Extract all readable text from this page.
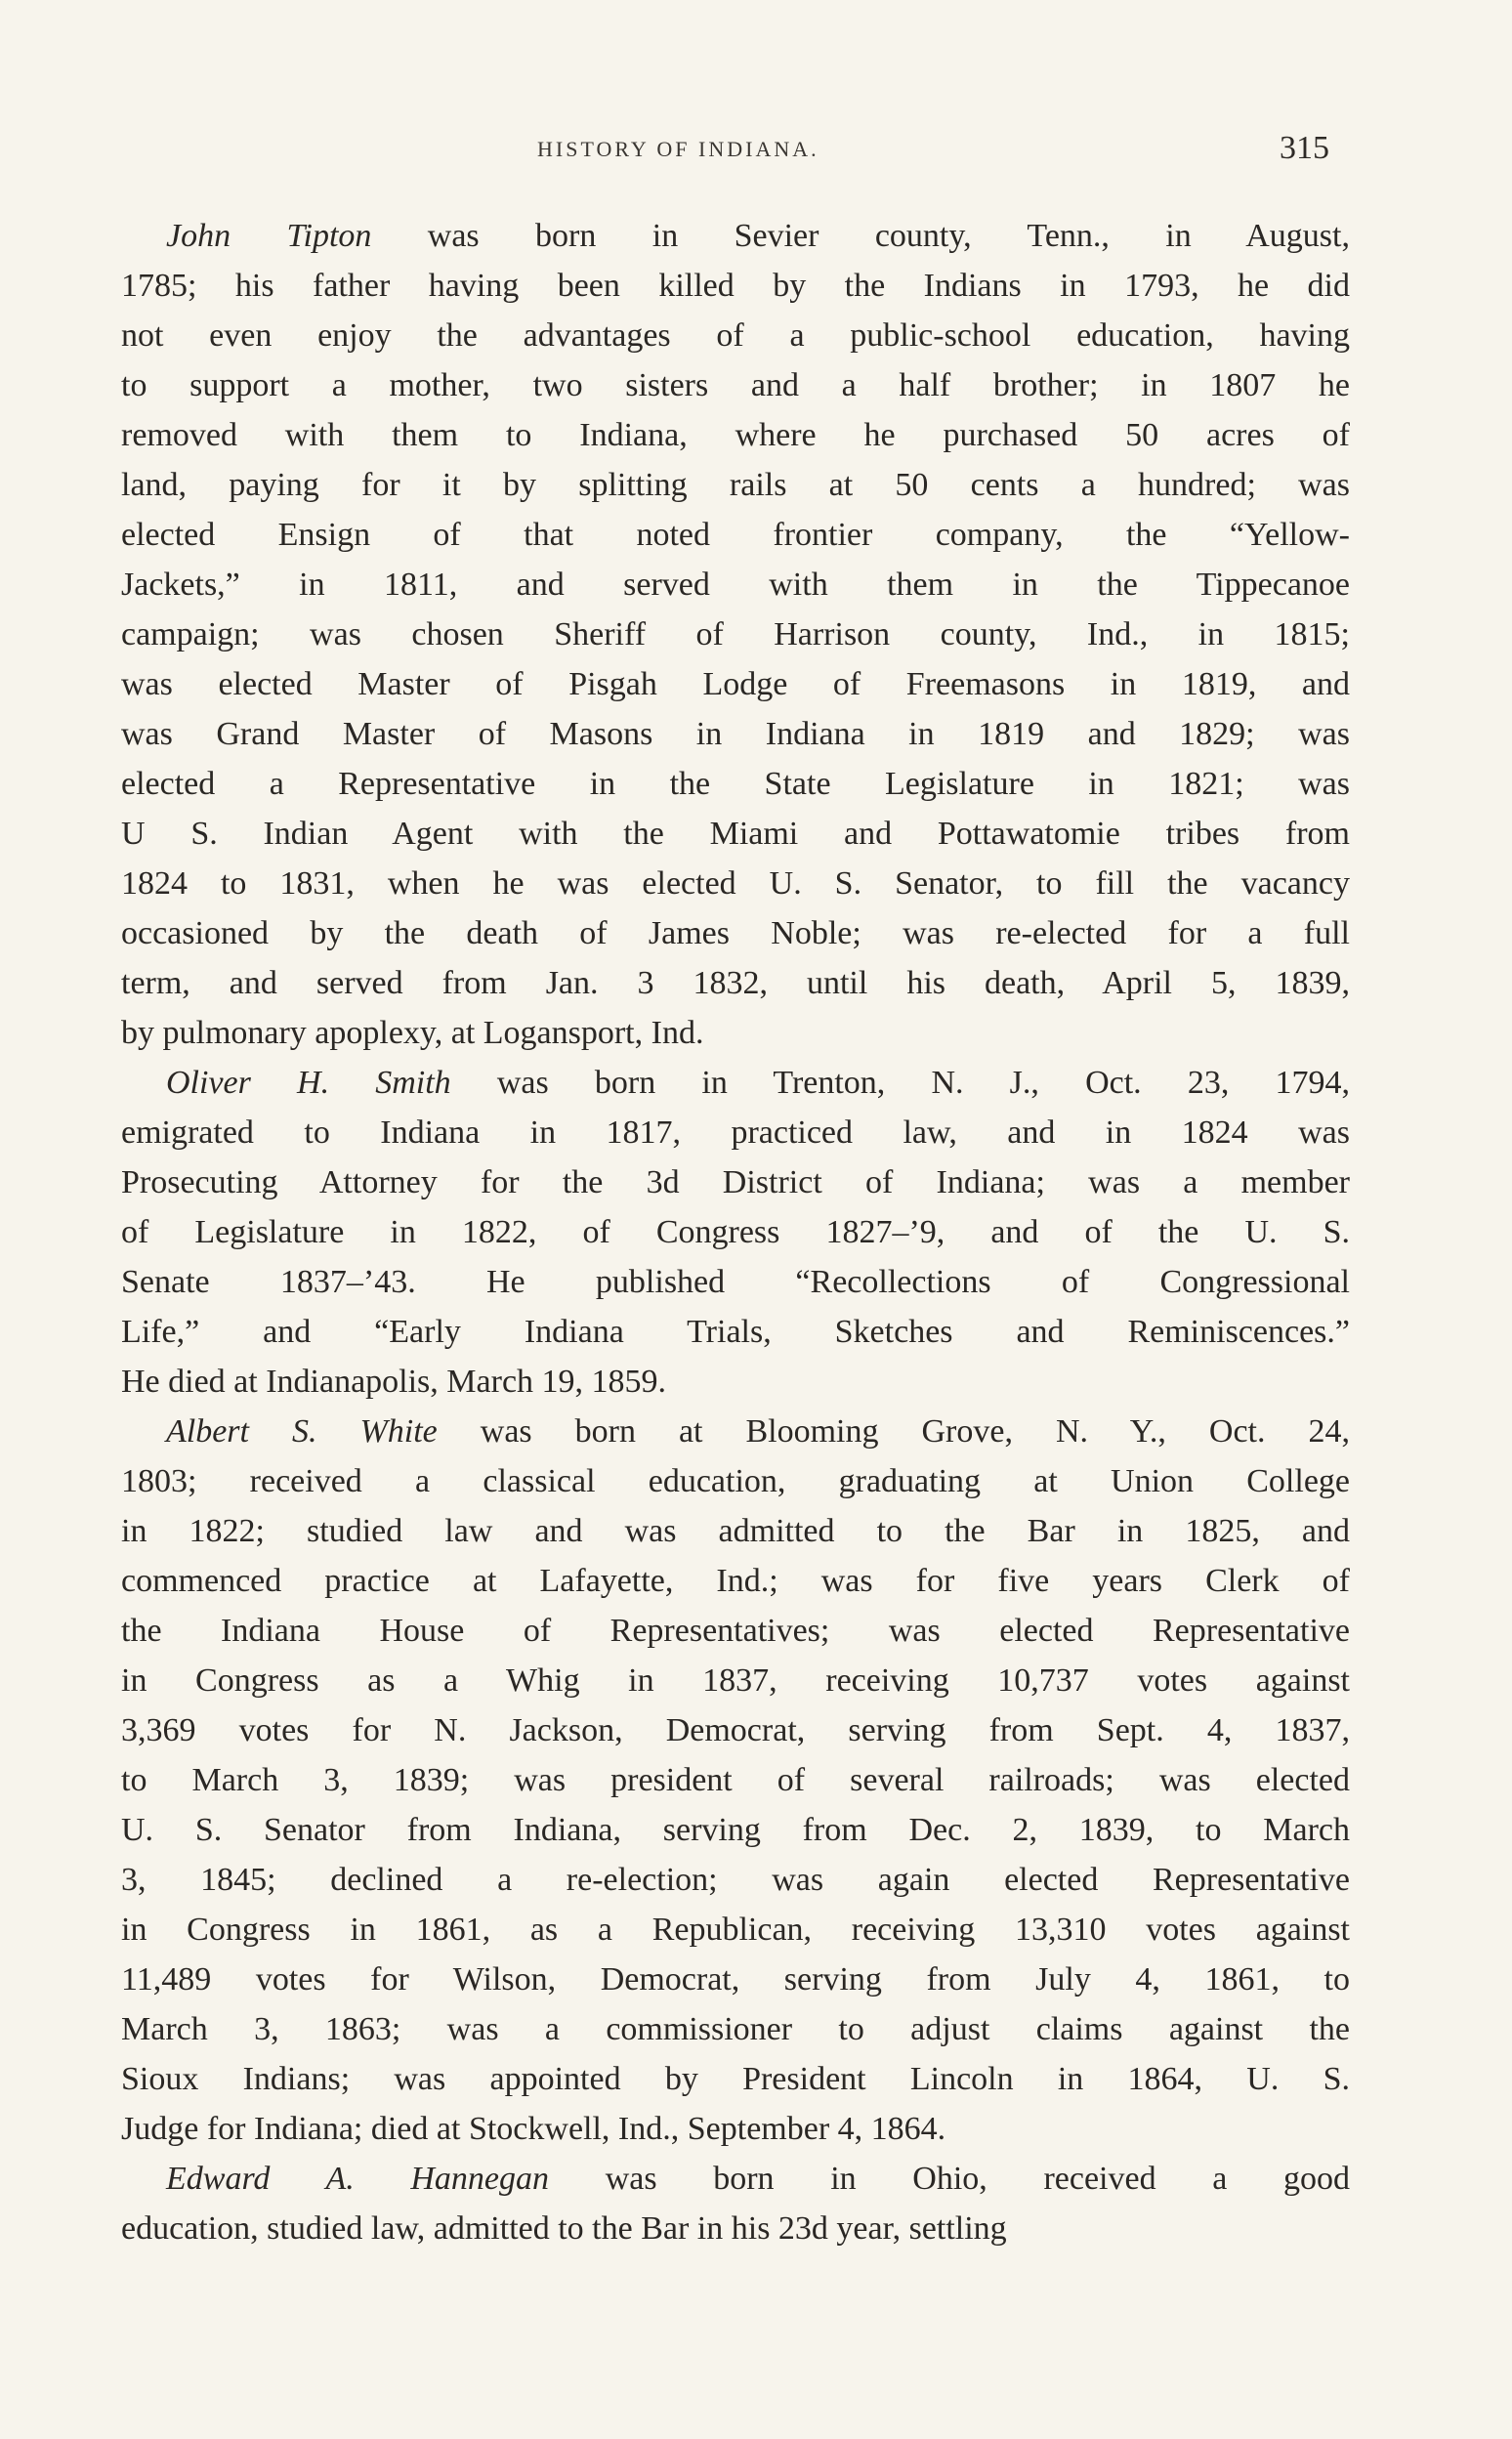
HISTORY OF INDIANA.	315
John Tipton was born in Sevier county, Tenn., in August,
1785; his father having been killed by the Indians in 1793, he did
not even enjoy the advantages of a public-school education, having
to support a mother, two sisters and a half brother; in 1807 he
removed with them to Indiana, where he purchased 50 acres of
land, paying for it by splitting rails at 50 cents a hundred; was
elected Ensign of that noted frontier company, the “Yellow-
Jackets,” in 1811, and served with them in the Tippecanoe
campaign; was chosen Sheriff of Harrison county, Ind., in 1815;
was elected Master of Pisgah Lodge of Freemasons in 1819, and
was Grand Master of Masons in Indiana in 1819 and 1829; was
elected a Representative in the State Legislature in 1821; was
U S. Indian Agent with the Miami and Pottawatomie tribes from
1824 to 1831, when he was elected U. S. Senator, to fill the vacancy
occasioned by the death of James Noble; was re-elected for a full
term, and served from Jan. 3 1832, until his death, April 5, 1839,
by pulmonary apoplexy, at Logansport, Ind.
Oliver H. Smith was born in Trenton, N. J., Oct. 23, 1794,
emigrated to Indiana in 1817, practiced law, and in 1824 was
Prosecuting Attorney for the 3d District of Indiana; was a member
of Legislature in 1822, of Congress 1827–’9, and of the U. S.
Senate 1837–’43. He published “Recollections of Congressional
Life,” and “Early Indiana Trials, Sketches and Reminiscences.”
He died at Indianapolis, March 19, 1859.
Albert S. White was born at Blooming Grove, N. Y., Oct. 24,
1803; received a classical education, graduating at Union College
in 1822; studied law and was admitted to the Bar in 1825, and
commenced practice at Lafayette, Ind.; was for five years Clerk of
the Indiana House of Representatives; was elected Representative
in Congress as a Whig in 1837, receiving 10,737 votes against
3,369 votes for N. Jackson, Democrat, serving from Sept. 4, 1837,
to March 3, 1839; was president of several railroads; was elected
U. S. Senator from Indiana, serving from Dec. 2, 1839, to March
3, 1845; declined a re-election; was again elected Representative
in Congress in 1861, as a Republican, receiving 13,310 votes against
11,489 votes for Wilson, Democrat, serving from July 4, 1861, to
March 3, 1863; was a commissioner to adjust claims against the
Sioux Indians; was appointed by President Lincoln in 1864, U. S.
Judge for Indiana; died at Stockwell, Ind., September 4, 1864.
Edward A. Hannegan was born in Ohio, received a good
education, studied law, admitted to the Bar in his 23d year, settling
